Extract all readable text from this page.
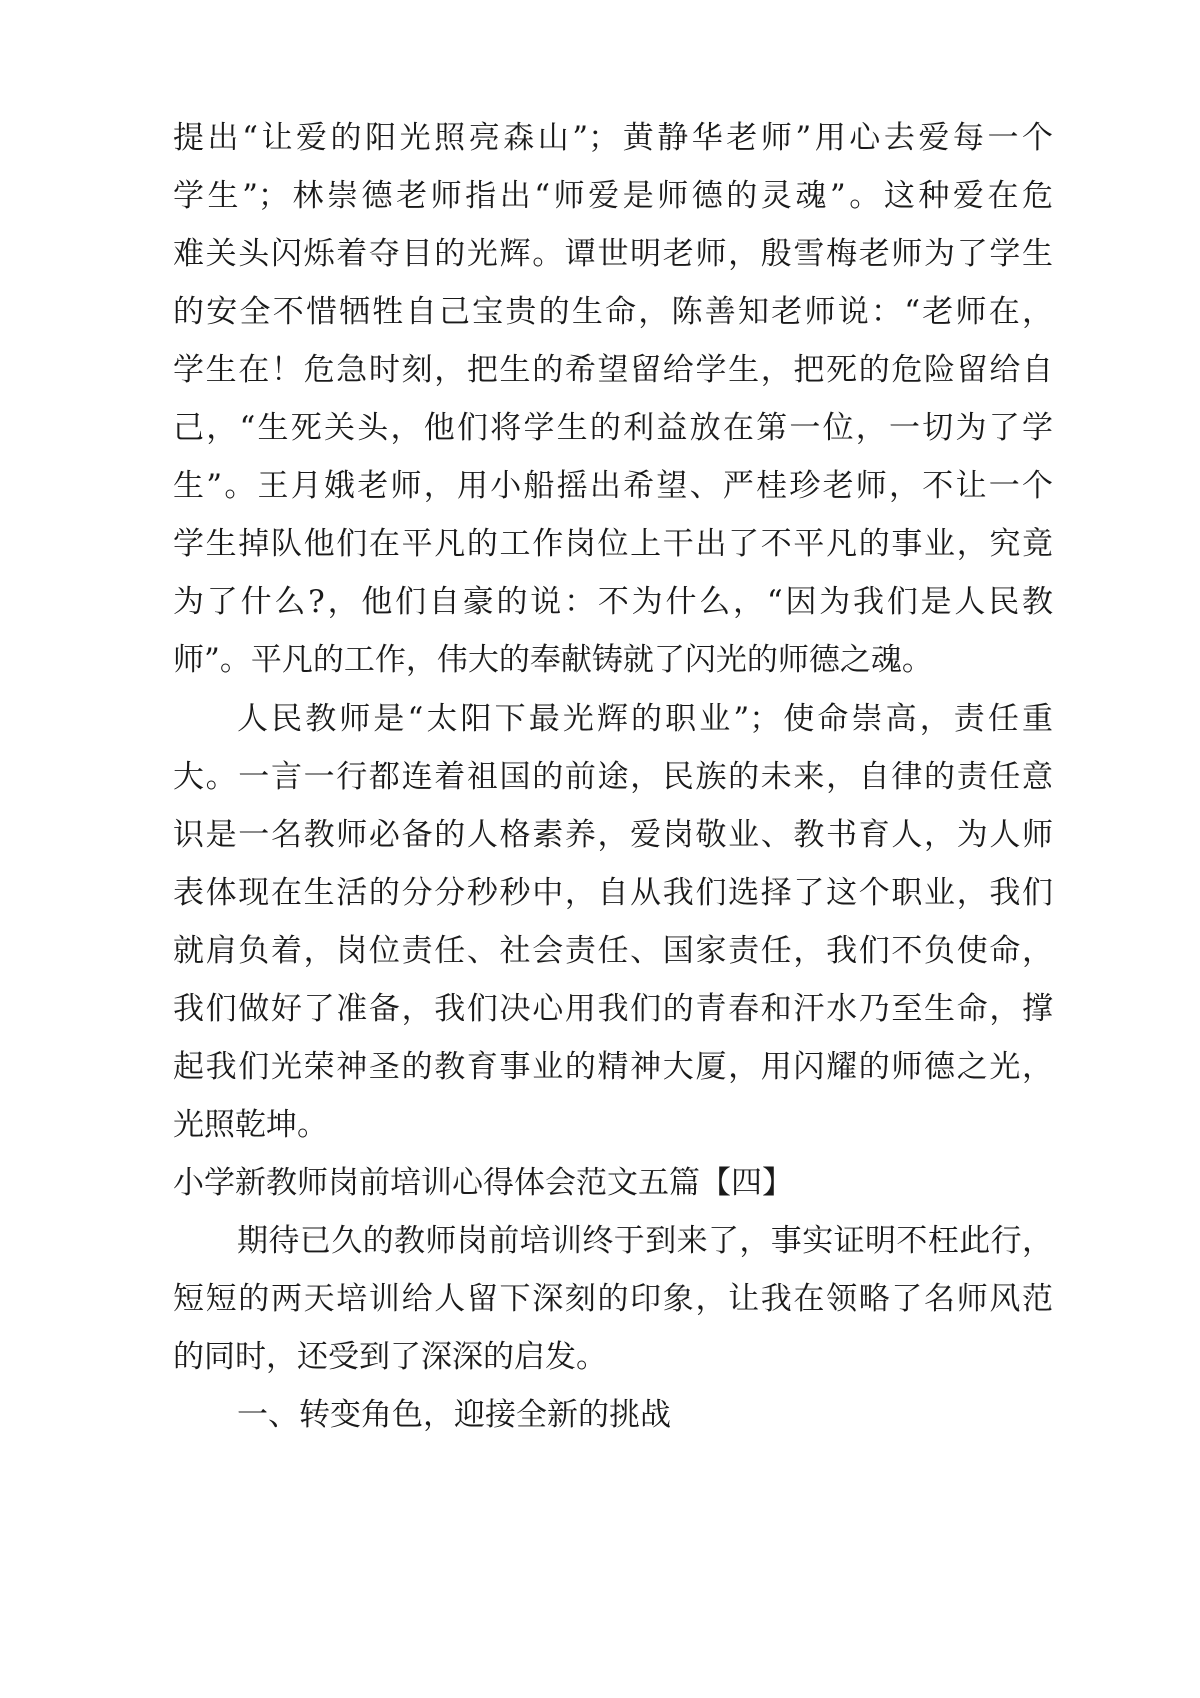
提出“让爱的阳光照亮森山”；黄静华老师”用心去爱每一个
学生”；林崇德老师指出“师爱是师德的灵魂”。这种爱在危
难关头闪烁着夺目的光辉。谭世明老师，殷雪梅老师为了学生
的安全不惜牺牲自己宝贵的生命，陈善知老师说：“老师在，
学生在！危急时刻，把生的希望留给学生，把死的危险留给自
己，“生死关头，他们将学生的利益放在第一位，一切为了学
生”。王月娥老师，用小船摇出希望、严桂珍老师，不让一个
学生掉队他们在平凡的工作岗位上干出了不平凡的事业，究竟
为了什么?，他们自豪的说：不为什么，“因为我们是人民教
师”。平凡的工作，伟大的奉献铸就了闪光的师德之魂。
人民教师是“太阳下最光辉的职业”；使命崇高，责任重
大。一言一行都连着祖国的前途，民族的未来，自律的责任意
识是一名教师必备的人格素养，爱岗敬业、教书育人，为人师
表体现在生活的分分秒秒中，自从我们选择了这个职业，我们
就肩负着，岗位责任、社会责任、国家责任，我们不负使命，
我们做好了准备，我们决心用我们的青春和汗水乃至生命，撑
起我们光荣神圣的教育事业的精神大厦，用闪耀的师德之光，
光照乾坤。
小学新教师岗前培训心得体会范文五篇【四】
期待已久的教师岗前培训终于到来了，事实证明不枉此行，
短短的两天培训给人留下深刻的印象，让我在领略了名师风范
的同时，还受到了深深的启发。
一、转变角色，迎接全新的挑战
